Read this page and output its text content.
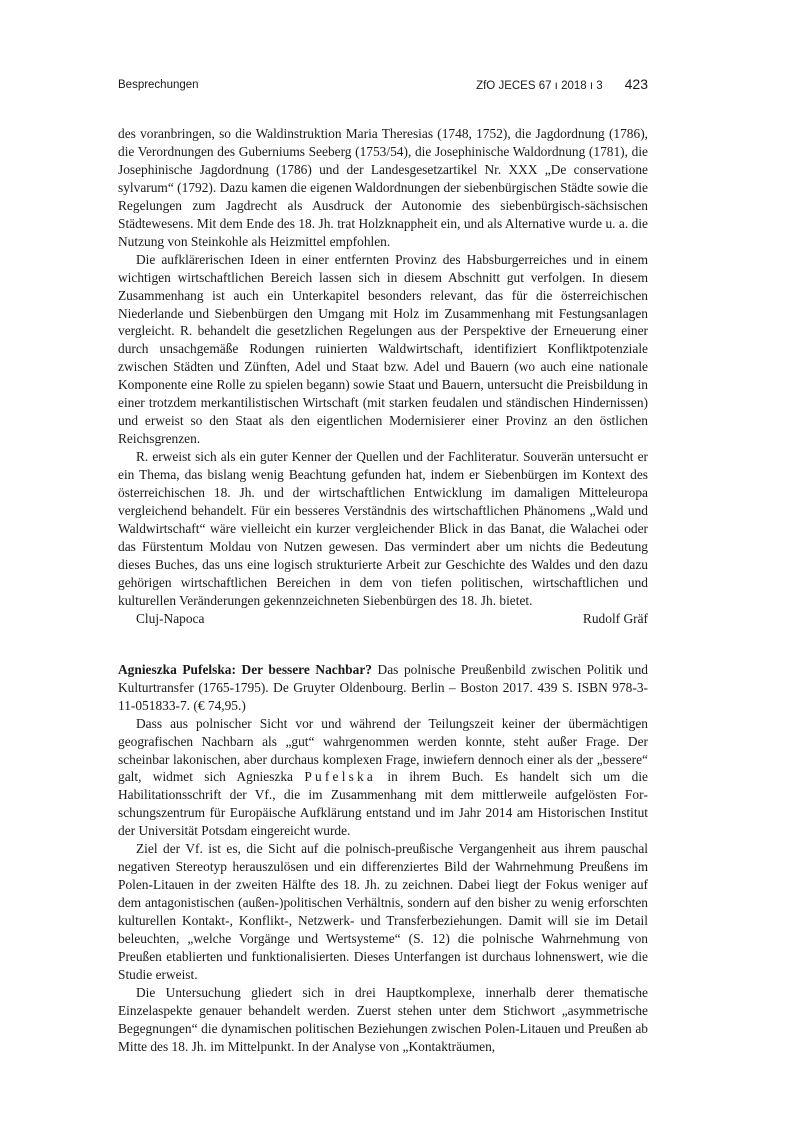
Besprechungen	ZfO JECES 67 ı 2018 ı 3 423

des voranbringen, so die Waldinstruktion Maria Theresias (1748, 1752), die Jagdordnung (1786), die Verordnungen des Guberniums Seeberg (1753/54), die Josephinische Waldordnung (1781), die Josephinische Jagdordnung (1786) und der Landesgesetzartikel Nr. XXX „De conservatione sylvarum“ (1792). Dazu kamen die eigenen Waldordnungen der siebenbürgischen Städte sowie die Regelungen zum Jagdrecht als Ausdruck der Autonomie des siebenbürgisch-sächsischen Städtewesens. Mit dem Ende des 18. Jh. trat Holzknappheit ein, und als Alternative wurde u. a. die Nutzung von Steinkohle als Heizmittel empfohlen.

Die aufklärerischen Ideen in einer entfernten Provinz des Habsburgerreiches und in einem wichtigen wirtschaftlichen Bereich lassen sich in diesem Abschnitt gut verfolgen. In diesem Zusammenhang ist auch ein Unterkapitel besonders relevant, das für die österreichischen Niederlande und Siebenbürgen den Umgang mit Holz im Zusammenhang mit Festungsanlagen vergleicht. R. behandelt die gesetzlichen Regelungen aus der Perspektive der Erneuerung einer durch unsachgemäße Rodungen ruinierten Waldwirtschaft, identifiziert Konfliktpotenziale zwischen Städten und Zünften, Adel und Staat bzw. Adel und Bauern (wo auch eine nationale Komponente eine Rolle zu spielen begann) sowie Staat und Bauern, untersucht die Preisbildung in einer trotzdem merkantilistischen Wirtschaft (mit starken feudalen und ständischen Hindernissen) und erweist so den Staat als den eigentlichen Modernisierer einer Provinz an den östlichen Reichsgrenzen.

R. erweist sich als ein guter Kenner der Quellen und der Fachliteratur. Souverän untersucht er ein Thema, das bislang wenig Beachtung gefunden hat, indem er Siebenbürgen im Kontext des österreichischen 18. Jh. und der wirtschaftlichen Entwicklung im damaligen Mitteleuropa vergleichend behandelt. Für ein besseres Verständnis des wirtschaftlichen Phänomens „Wald und Waldwirtschaft“ wäre vielleicht ein kurzer vergleichender Blick in das Banat, die Walachei oder das Fürstentum Moldau von Nutzen gewesen. Das vermindert aber um nichts die Bedeutung dieses Buches, das uns eine logisch strukturierte Arbeit zur Geschichte des Waldes und den dazu gehörigen wirtschaftlichen Bereichen in dem von tiefen politischen, wirtschaftlichen und kulturellen Veränderungen gekennzeichneten Siebenbürgen des 18. Jh. bietet.

Cluj-Napoca	Rudolf Gräf

Agnieszka Pufelska: Der bessere Nachbar? Das polnische Preußenbild zwischen Politik und Kulturtransfer (1765-1795). De Gruyter Oldenbourg. Berlin – Boston 2017. 439 S. ISBN 978-3-11-051833-7. (€ 74,95.)

Dass aus polnischer Sicht vor und während der Teilungszeit keiner der übermächtigen geografischen Nachbarn als „gut“ wahrgenommen werden konnte, steht außer Frage. Der scheinbar lakonischen, aber durchaus komplexen Frage, inwiefern dennoch einer als der „bessere“ galt, widmet sich Agnieszka Pufelska in ihrem Buch. Es handelt sich um die Habilitationsschrift der Vf., die im Zusammenhang mit dem mittlerweile aufgelösten Forschungszentrum für Europäische Aufklärung entstand und im Jahr 2014 am Historischen Institut der Universität Potsdam eingereicht wurde.

Ziel der Vf. ist es, die Sicht auf die polnisch-preußische Vergangenheit aus ihrem pauschal negativen Stereotyp herauszulösen und ein differenziertes Bild der Wahrnehmung Preußens im Polen-Litauen in der zweiten Hälfte des 18. Jh. zu zeichnen. Dabei liegt der Fokus weniger auf dem antagonistischen (außen-)politischen Verhältnis, sondern auf den bisher zu wenig erforschten kulturellen Kontakt-, Konflikt-, Netzwerk- und Transferbeziehungen. Damit will sie im Detail beleuchten, „welche Vorgänge und Wertsysteme“ (S. 12) die polnische Wahrnehmung von Preußen etablierten und funktionalisierten. Dieses Unterfangen ist durchaus lohnenswert, wie die Studie erweist.

Die Untersuchung gliedert sich in drei Hauptkomplexe, innerhalb derer thematische Einzelaspekte genauer behandelt werden. Zuerst stehen unter dem Stichwort „asymmetrische Begegnungen“ die dynamischen politischen Beziehungen zwischen Polen-Litauen und Preußen ab Mitte des 18. Jh. im Mittelpunkt. In der Analyse von „Kontakträumen,
